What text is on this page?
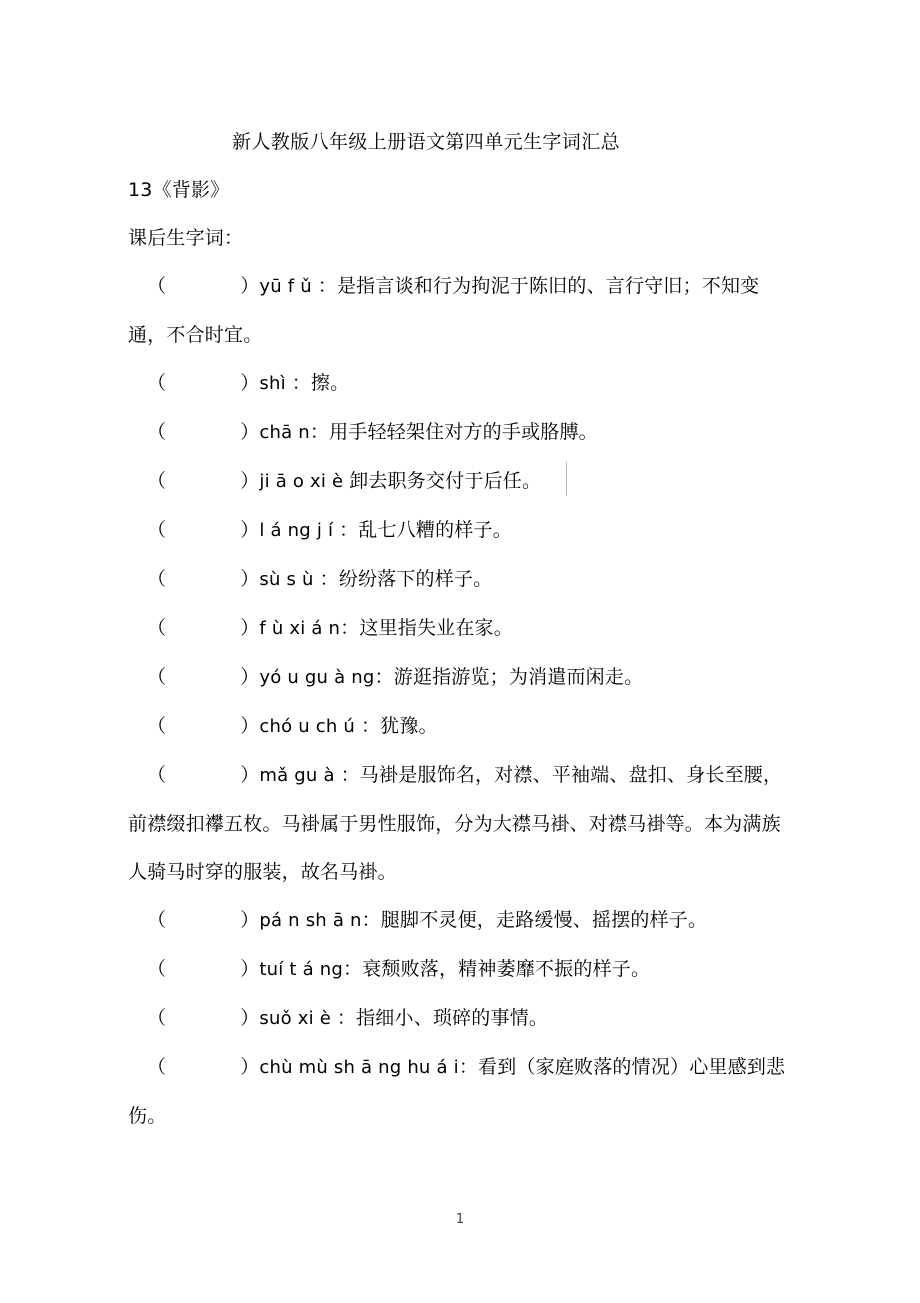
新人教版八年级上册语文第四单元生字词汇总
13《背影》
课后生字词：
（	）yū f ǔ ：是指言谈和行为拘泥于陈旧的、言行守旧；不知变通，不合时宜。
（	）shì ：擦。
（	）chā n：用手轻轻架住对方的手或胳膊。
（	）ji ā o xi è 卸去职务交付于后任。
（	）l á ng j í ：乱七八糟的样子。
（	）sù s ù ：纷纷落下的样子。
（	）f ù xi á n：这里指失业在家。
（	）yó u gu à ng：游逛指游览；为消遣而闲走。
（	）chó u ch ú ：犹豫。
（	）mǎ gu à ：马褂是服饰名，对襟、平袖端、盘扣、身长至腰，前襟缀扣襻五枚。马褂属于男性服饰，分为大襟马褂、对襟马褂等。本为满族人骑马时穿的服装，故名马褂。
（	）pá n sh ā n：腿脚不灵便，走路缓慢、摇摆的样子。
（	）tuí t á ng：衰颓败落，精神萎靡不振的样子。
（	）suǒ xi è ：指细小、琐碎的事情。
（	）chù mù sh ā ng hu á i：看到（家庭败落的情况）心里感到悲伤。
1
